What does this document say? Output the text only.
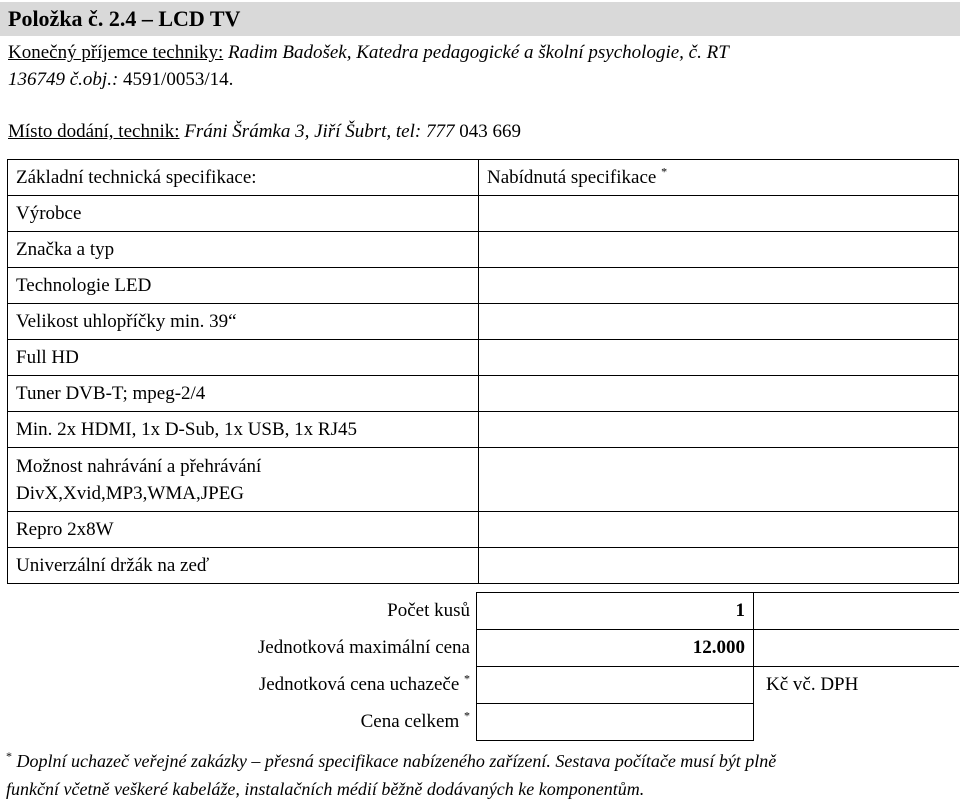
Položka č. 2.4 – LCD TV
Konečný příjemce techniky: Radim Badošek, Katedra pedagogické a školní psychologie, č. RT
136749 č.obj.: 4591/0053/14.
Místo dodání, technik: Fráni Šrámka 3, Jiří Šubrt, tel: 777 043 669
Základní technická specifikace:	Nabídnutá specifikace *
Výrobce	
Značka a typ	
Technologie LED	
Velikost uhlopříčky min. 39“	
Full HD	
Tuner DVB-T; mpeg-2/4	
Min. 2x HDMI, 1x D-Sub, 1x USB, 1x RJ45	
Možnost nahrávání a přehrávání DivX,Xvid,MP3,WMA,JPEG	
Repro 2x8W	
Univerzální držák na zeď	
Počet kusů	1	
Jednotková maximální cena	12.000	
Jednotková cena uchazeče *		Kč vč. DPH
Cena celkem *		
* Doplní uchazeč veřejné zakázky – přesná specifikace nabízeného zařízení. Sestava počítače musí být plně
funkční včetně veškeré kabeláže, instalačních médií běžně dodávaných ke komponentům.
